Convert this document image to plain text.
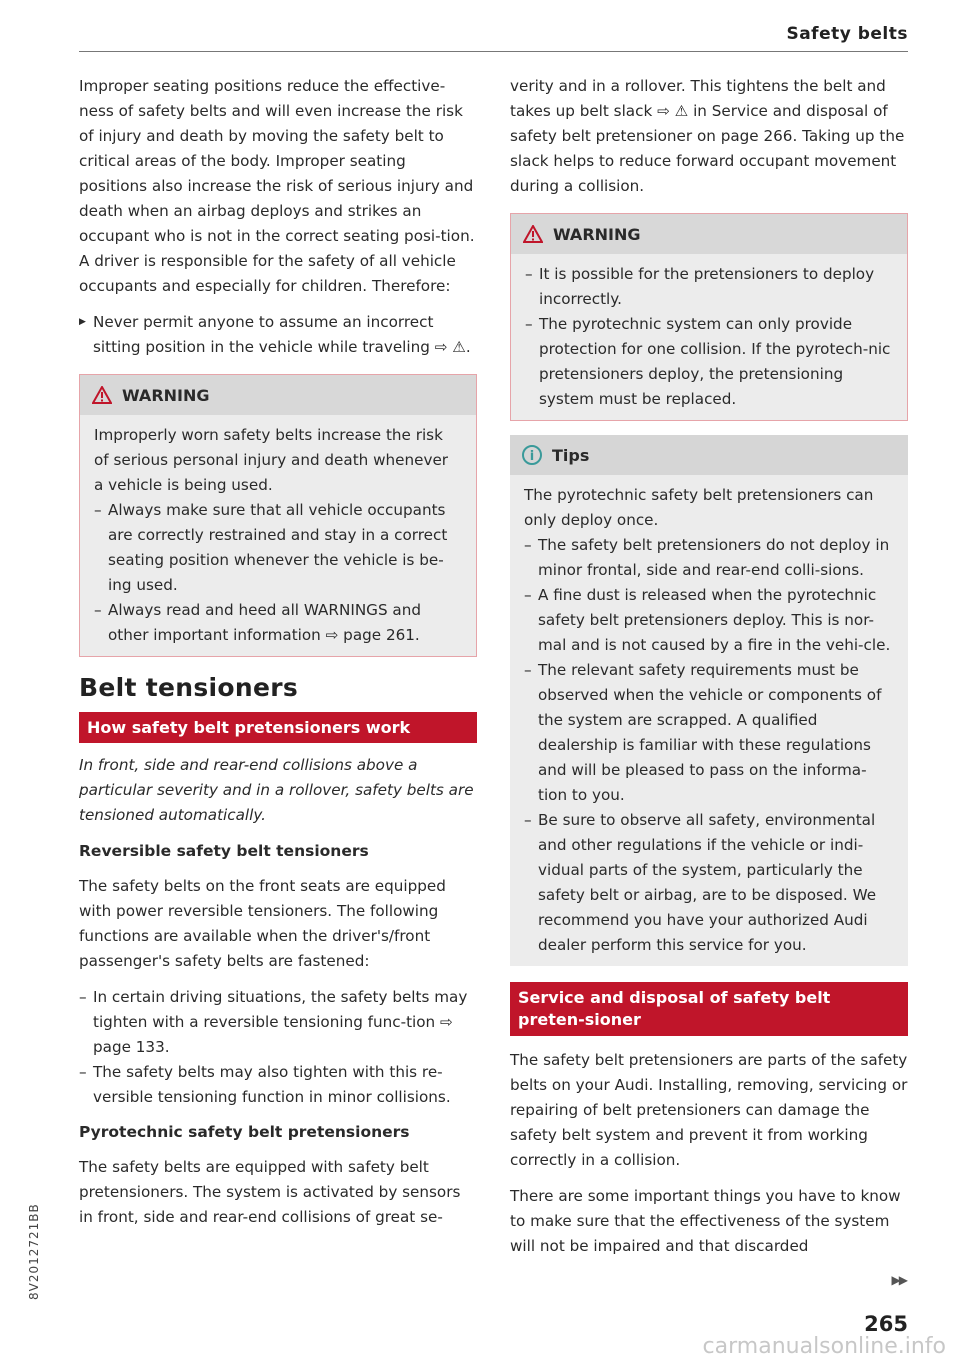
Safety belts

Improper seating positions reduce the effective-ness of safety belts and will even increase the risk of injury and death by moving the safety belt to critical areas of the body. Improper seating positions also increase the risk of serious injury and death when an airbag deploys and strikes an occupant who is not in the correct seating posi-tion. A driver is responsible for the safety of all vehicle occupants and especially for children. Therefore:

▶ Never permit anyone to assume an incorrect sitting position in the vehicle while traveling ⇨ ⚠.
WARNING
Improperly worn safety belts increase the risk of serious personal injury and death whenever a vehicle is being used.
– Always make sure that all vehicle occupants are correctly restrained and stay in a correct seating position whenever the vehicle is be-ing used.
– Always read and heed all WARNINGS and other important information ⇨ page 261.
Belt tensioners
How safety belt pretensioners work

In front, side and rear-end collisions above a particular severity and in a rollover, safety belts are tensioned automatically.

Reversible safety belt tensioners

The safety belts on the front seats are equipped with power reversible tensioners. The following functions are available when the driver's/front passenger's safety belts are fastened:

– In certain driving situations, the safety belts may tighten with a reversible tensioning func-tion ⇨ page 133.
– The safety belts may also tighten with this re-versible tensioning function in minor collisions.
Pyrotechnic safety belt pretensioners

The safety belts are equipped with safety belt pretensioners. The system is activated by sensors in front, side and rear-end collisions of great se-

verity and in a rollover. This tightens the belt and takes up belt slack ⇨ ⚠ in Service and disposal of safety belt pretensioner on page 266. Taking up the slack helps to reduce forward occupant movement during a collision.

WARNING
– It is possible for the pretensioners to deploy incorrectly.
– The pyrotechnic system can only provide protection for one collision. If the pyrotech-nic pretensioners deploy, the pretensioning system must be replaced.
i	Tips
The pyrotechnic safety belt pretensioners can only deploy once.
– The safety belt pretensioners do not deploy in minor frontal, side and rear-end colli-sions.
– A fine dust is released when the pyrotechnic safety belt pretensioners deploy. This is nor-mal and is not caused by a fire in the vehi-cle.
– The relevant safety requirements must be observed when the vehicle or components of the system are scrapped. A qualified dealership is familiar with these regulations and will be pleased to pass on the informa-tion to you.
– Be sure to observe all safety, environmental and other regulations if the vehicle or indi-vidual parts of the system, particularly the safety belt or airbag, are to be disposed. We recommend you have your authorized Audi dealer perform this service for you.
Service and disposal of safety belt preten-sioner

The safety belt pretensioners are parts of the safety belts on your Audi. Installing, removing, servicing or repairing of belt pretensioners can damage the safety belt system and prevent it from working correctly in a collision.

There are some important things you have to know to make sure that the effectiveness of the system will not be impaired and that discarded

▶▶
265
8V2012721BB
carmanualsonline.info
